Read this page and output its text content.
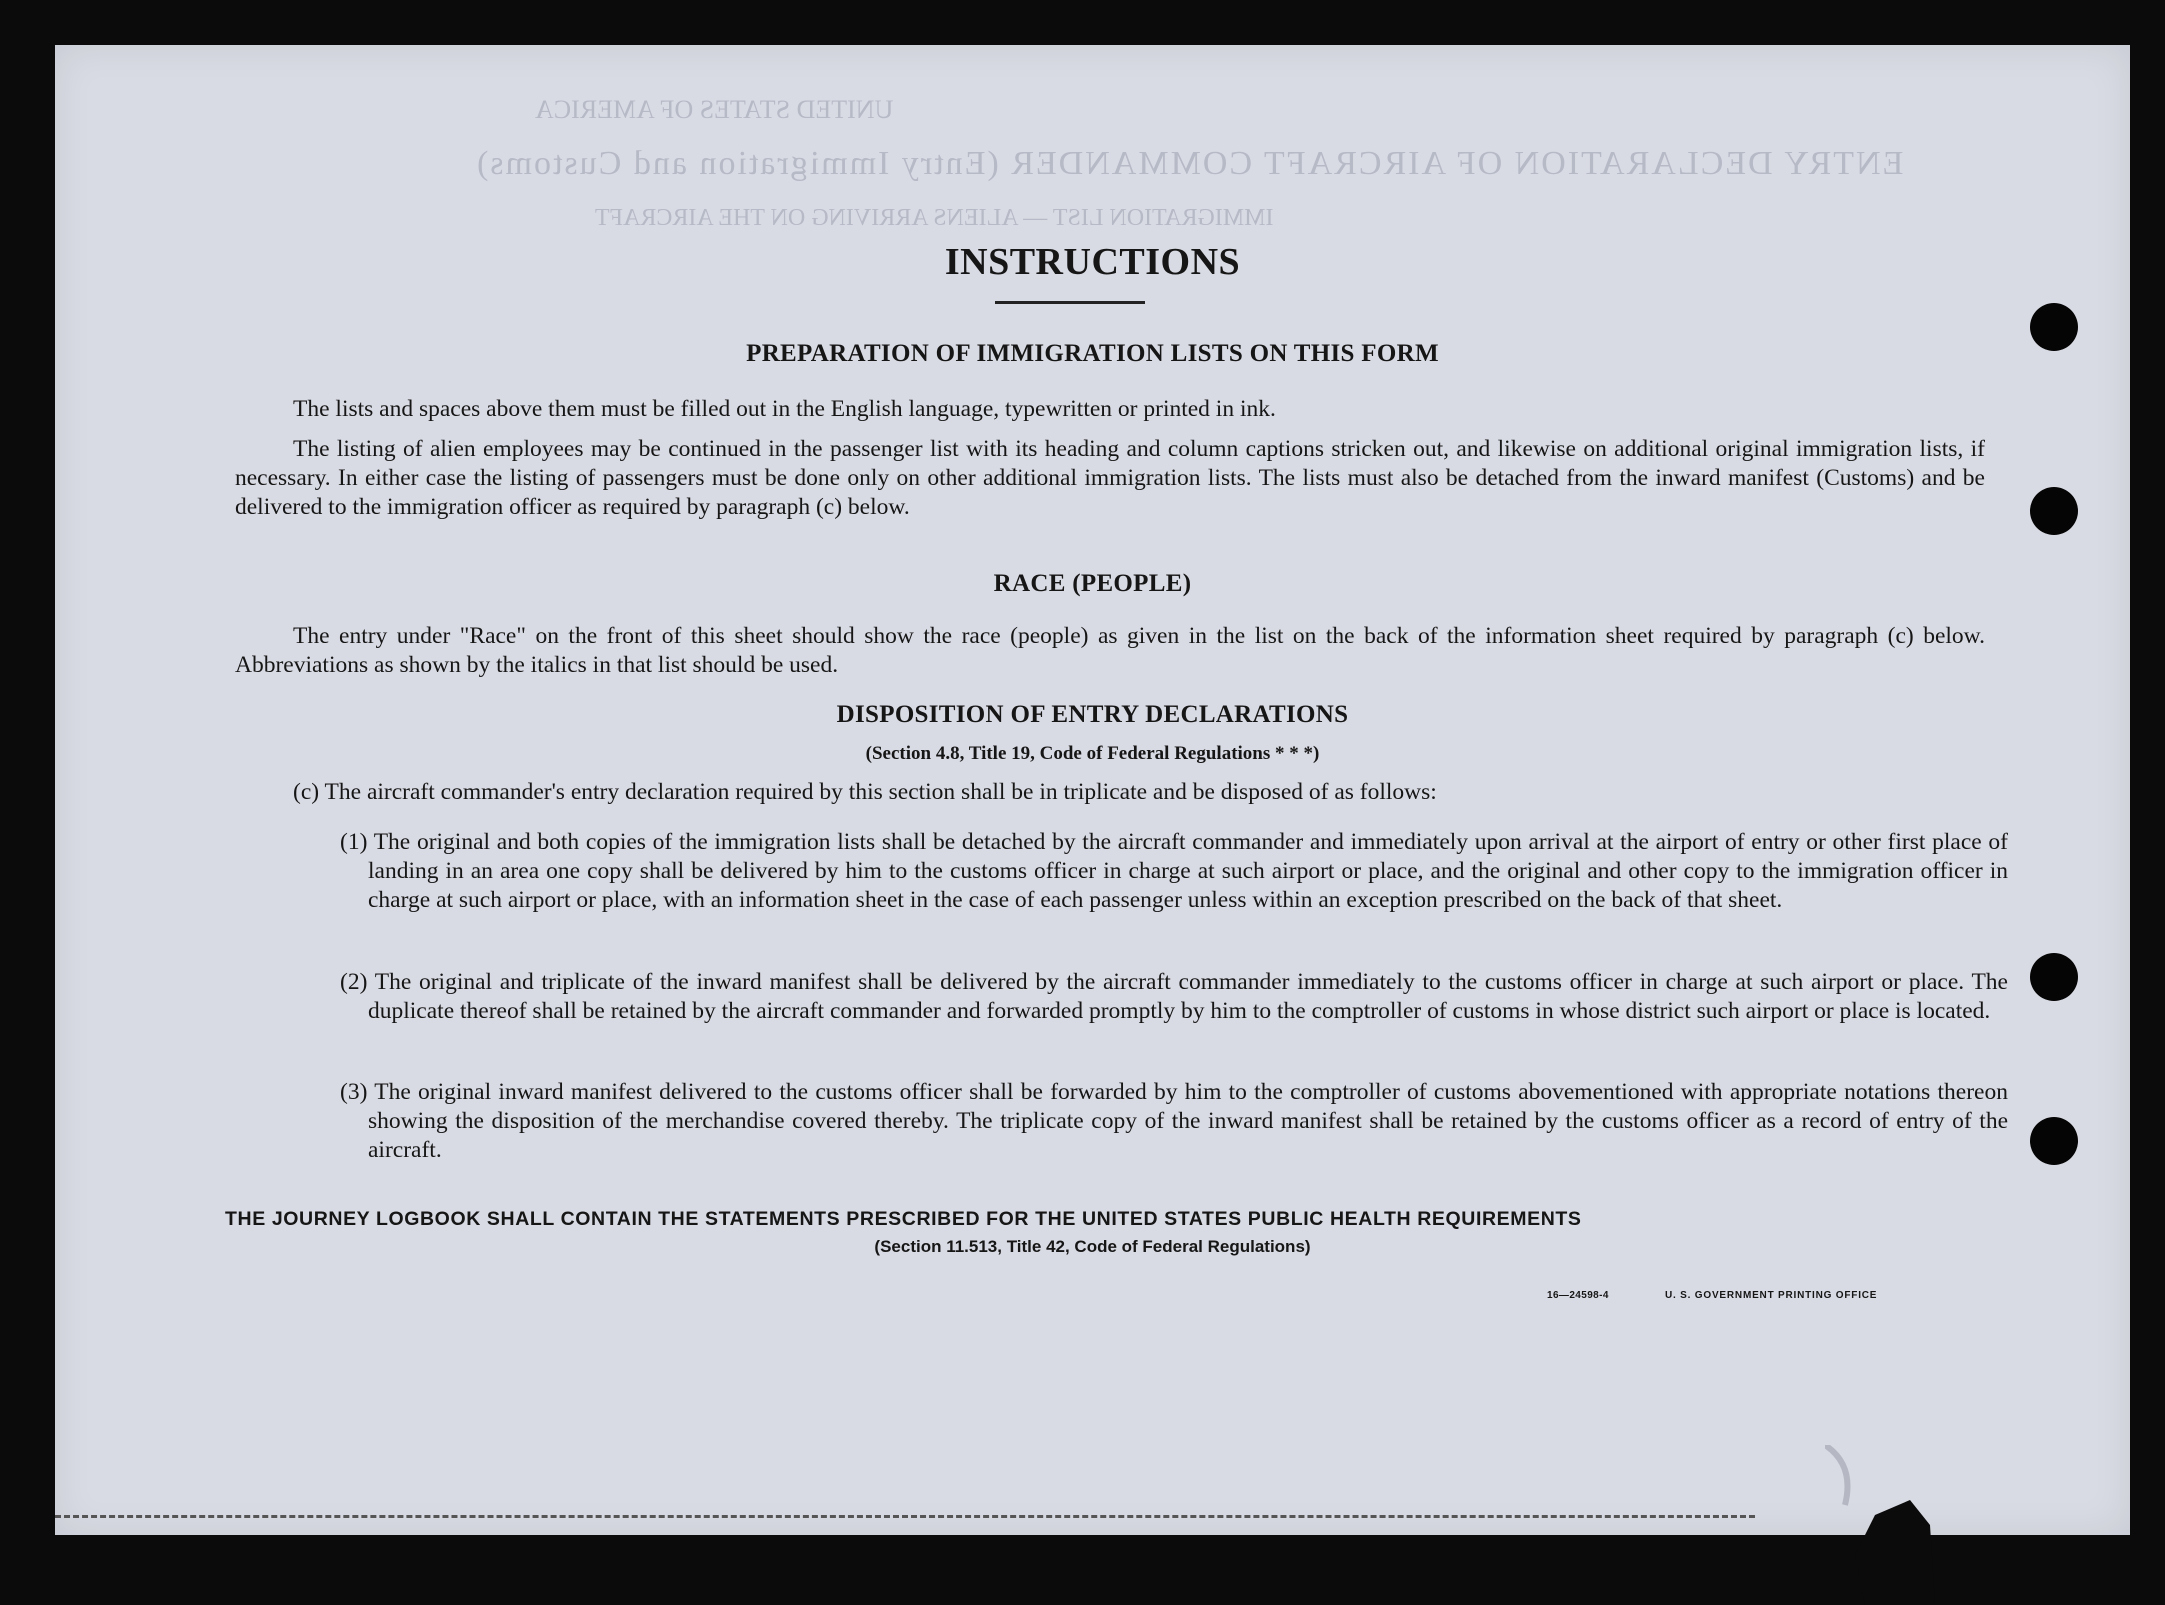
UNITED STATES OF AMERICA
ENTRY DECLARATION OF AIRCRAFT COMMANDER (Entry Immigration and Customs)
IMMIGRATION LIST — ALIENS ARRIVING ON THE AIRCRAFT
INSTRUCTIONS
PREPARATION OF IMMIGRATION LISTS ON THIS FORM
The lists and spaces above them must be filled out in the English language, typewritten or printed in ink.
The listing of alien employees may be continued in the passenger list with its heading and column captions stricken out, and likewise on additional original immigration lists, if necessary. In either case the listing of passengers must be done only on other additional immigration lists. The lists must also be detached from the inward manifest (Customs) and be delivered to the immigration officer as required by paragraph (c) below.
RACE (PEOPLE)
The entry under "Race" on the front of this sheet should show the race (people) as given in the list on the back of the information sheet required by paragraph (c) below. Abbreviations as shown by the italics in that list should be used.
DISPOSITION OF ENTRY DECLARATIONS
(Section 4.8, Title 19, Code of Federal Regulations * * *)
(c) The aircraft commander's entry declaration required by this section shall be in triplicate and be disposed of as follows:
(1) The original and both copies of the immigration lists shall be detached by the aircraft commander and immediately upon arrival at the airport of entry or other first place of landing in an area one copy shall be delivered by him to the customs officer in charge at such airport or place, and the original and other copy to the immigration officer in charge at such airport or place, with an information sheet in the case of each passenger unless within an exception prescribed on the back of that sheet.
(2) The original and triplicate of the inward manifest shall be delivered by the aircraft commander immediately to the customs officer in charge at such airport or place. The duplicate thereof shall be retained by the aircraft commander and forwarded promptly by him to the comptroller of customs in whose district such airport or place is located.
(3) The original inward manifest delivered to the customs officer shall be forwarded by him to the comptroller of customs abovementioned with appropriate notations thereon showing the disposition of the merchandise covered thereby. The triplicate copy of the inward manifest shall be retained by the customs officer as a record of entry of the aircraft.
THE JOURNEY LOGBOOK SHALL CONTAIN THE STATEMENTS PRESCRIBED FOR THE UNITED STATES PUBLIC HEALTH REQUIREMENTS
(Section 11.513, Title 42, Code of Federal Regulations)
16—24598-4	U. S. GOVERNMENT PRINTING OFFICE
